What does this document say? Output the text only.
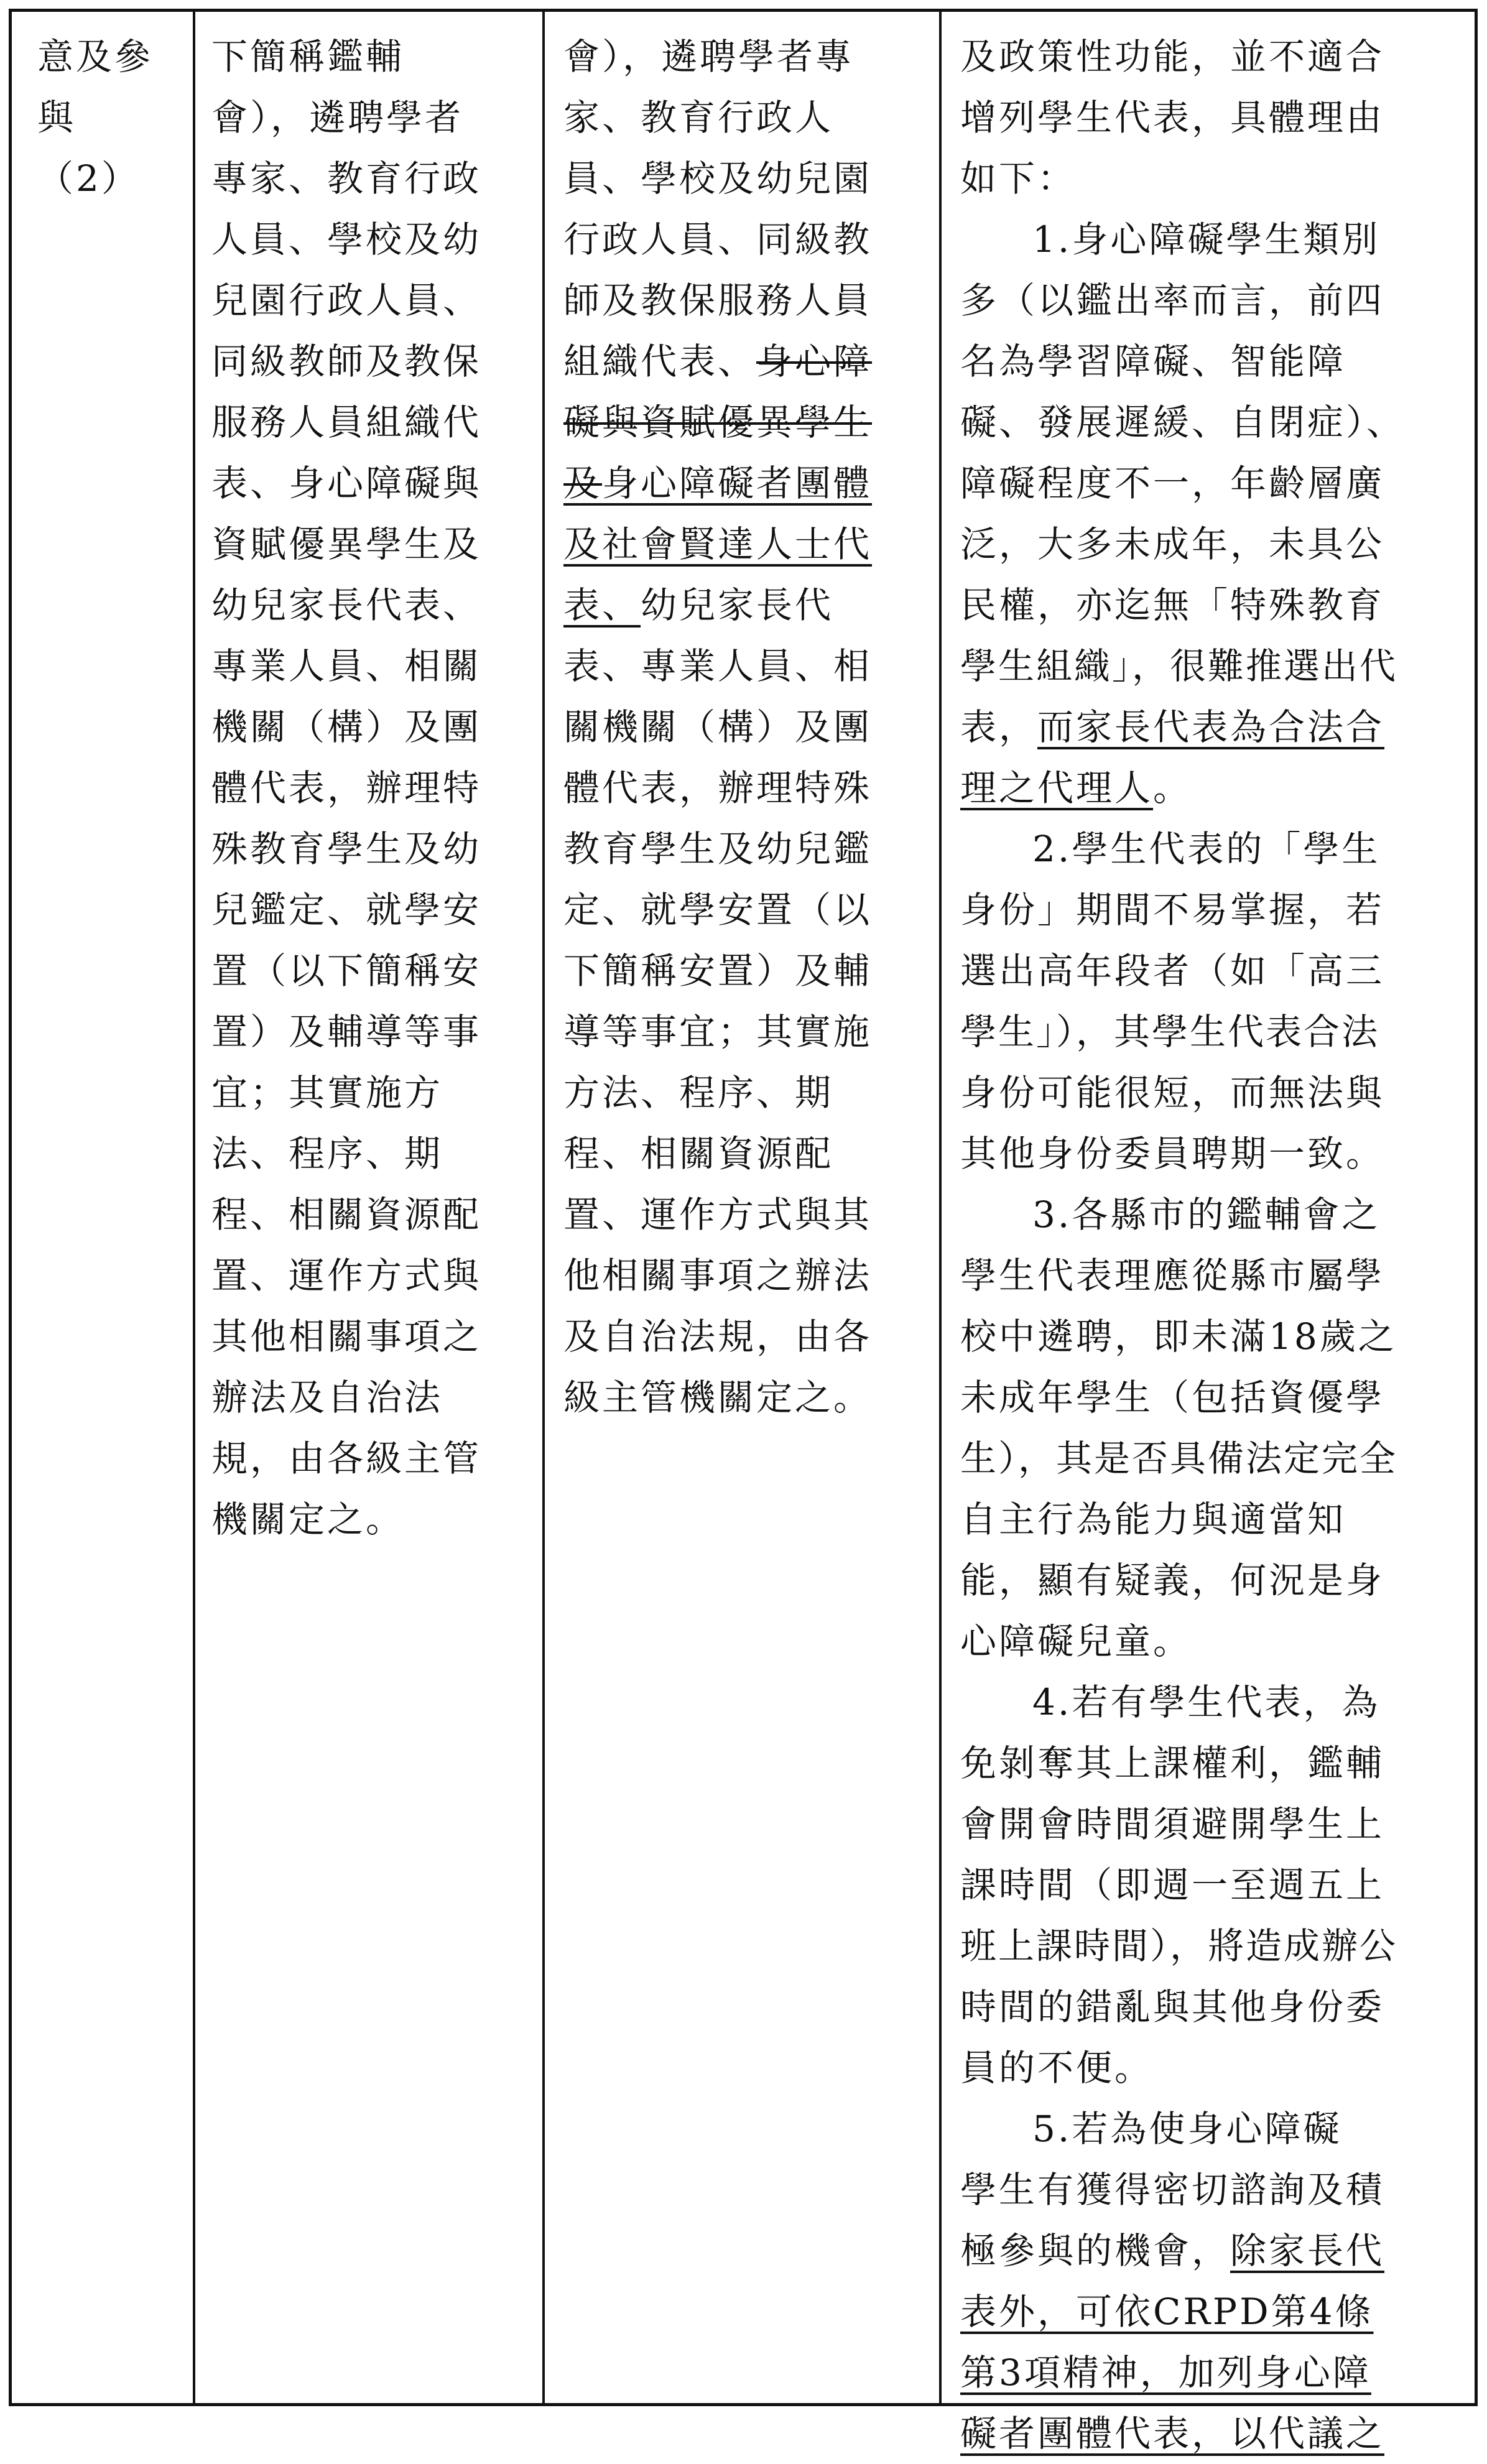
意及參
與
（2）
下簡稱鑑輔
會），遴聘學者
專家、教育行政
人員、學校及幼
兒園行政人員、
同級教師及教保
服務人員組織代
表、身心障礙與
資賦優異學生及
幼兒家長代表、
專業人員、相關
機關（構）及團
體代表，辦理特
殊教育學生及幼
兒鑑定、就學安
置（以下簡稱安
置）及輔導等事
宜；其實施方
法、程序、期
程、相關資源配
置、運作方式與
其他相關事項之
辦法及自治法
規，由各級主管
機關定之。
會），遴聘學者專
家、教育行政人
員、學校及幼兒園
行政人員、同級教
師及教保服務人員
組織代表、身心障
礙與資賦優異學生
及身心障礙者團體
及社會賢達人士代
表、幼兒家長代
表、專業人員、相
關機關（構）及團
體代表，辦理特殊
教育學生及幼兒鑑
定、就學安置（以
下簡稱安置）及輔
導等事宜；其實施
方法、程序、期
程、相關資源配
置、運作方式與其
他相關事項之辦法
及自治法規，由各
級主管機關定之。
及政策性功能，並不適合
增列學生代表，具體理由
如下：
1.身心障礙學生類別
多（以鑑出率而言，前四
名為學習障礙、智能障
礙、發展遲緩、自閉症）、
障礙程度不一，年齡層廣
泛，大多未成年，未具公
民權，亦迄無「特殊教育
學生組織」，很難推選出代
表，而家長代表為合法合
理之代理人。
2.學生代表的「學生
身份」期間不易掌握，若
選出高年段者（如「高三
學生」），其學生代表合法
身份可能很短，而無法與
其他身份委員聘期一致。
3.各縣市的鑑輔會之
學生代表理應從縣市屬學
校中遴聘，即未滿18歲之
未成年學生（包括資優學
生），其是否具備法定完全
自主行為能力與適當知
能，顯有疑義，何況是身
心障礙兒童。
4.若有學生代表，為
免剝奪其上課權利，鑑輔
會開會時間須避開學生上
課時間（即週一至週五上
班上課時間），將造成辦公
時間的錯亂與其他身份委
員的不便。
5.若為使身心障礙
學生有獲得密切諮詢及積
極參與的機會，除家長代
表外，可依CRPD第4條
第3項精神，加列身心障
礙者團體代表，以代議之
